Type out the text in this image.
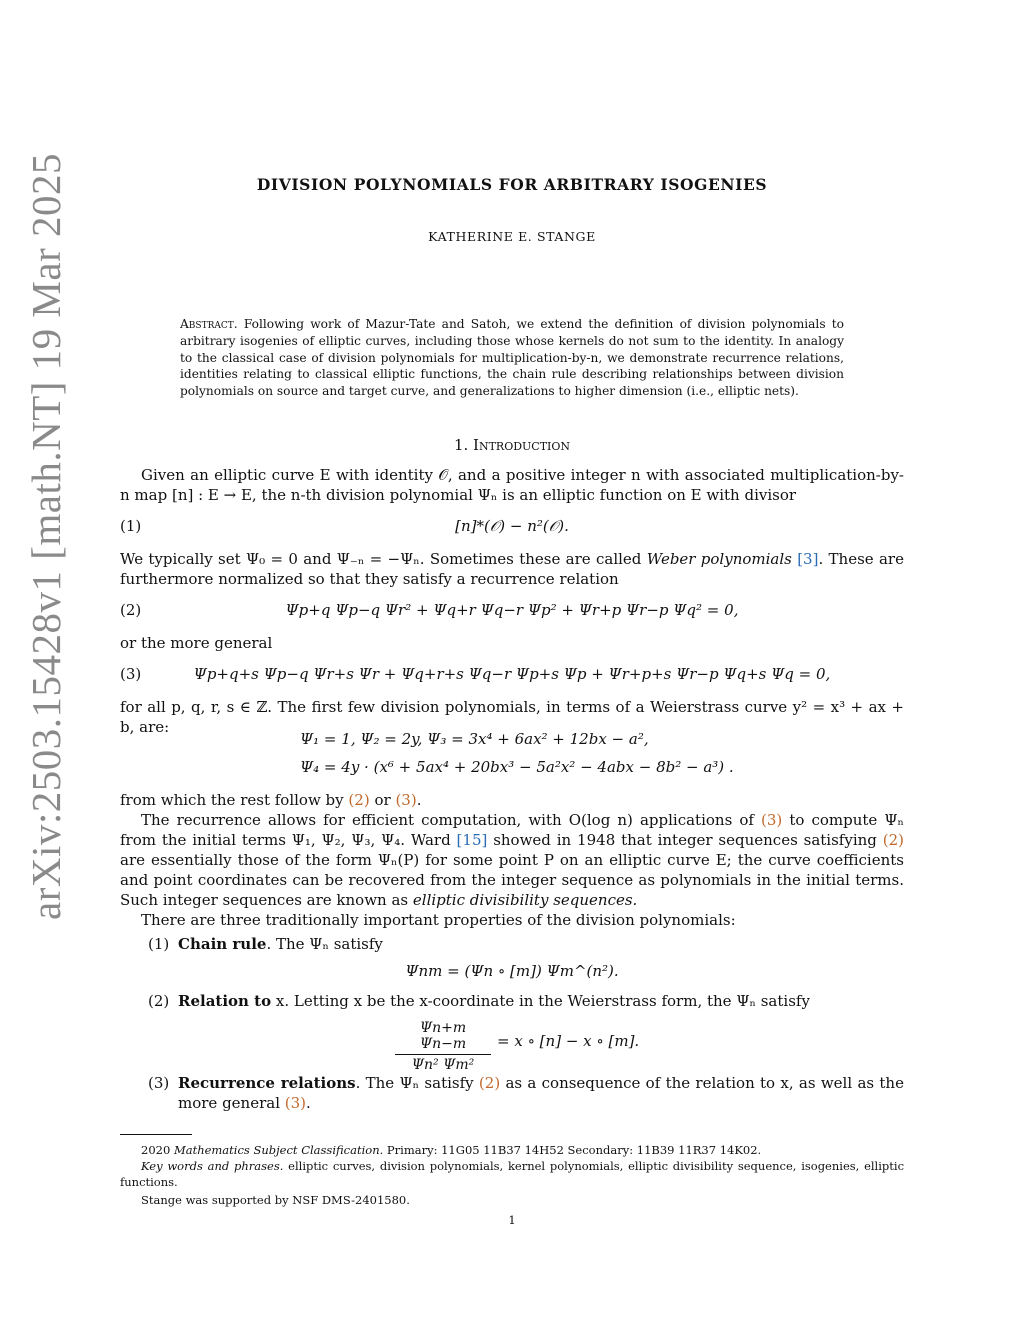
arXiv:2503.15428v1 [math.NT] 19 Mar 2025	DIVISION POLYNOMIALS FOR ARBITRARY ISOGENIES
KATHERINE E. STANGE
Abstract. Following work of Mazur-Tate and Satoh, we extend the definition of division polynomials to arbitrary isogenies of elliptic curves, including those whose kernels do not sum to the identity. In analogy to the classical case of division polynomials for multiplication-by-n, we demonstrate recurrence relations, identities relating to classical elliptic functions, the chain rule describing relationships between division polynomials on source and target curve, and generalizations to higher dimension (i.e., elliptic nets).
1. Introduction
Given an elliptic curve E with identity 𝒪, and a positive integer n with associated multiplication-by-n map [n] : E → E, the n-th division polynomial Ψₙ is an elliptic function on E with divisor
(1)	[n]*(𝒪) − n²(𝒪).
We typically set Ψ₀ = 0 and Ψ₋ₙ = −Ψₙ. Sometimes these are called Weber polynomials [3]. These are furthermore normalized so that they satisfy a recurrence relation
(2)	Ψp+q Ψp−q Ψr² + Ψq+r Ψq−r Ψp² + Ψr+p Ψr−p Ψq² = 0,
or the more general
(3)	Ψp+q+s Ψp−q Ψr+s Ψr + Ψq+r+s Ψq−r Ψp+s Ψp + Ψr+p+s Ψr−p Ψq+s Ψq = 0,
for all p, q, r, s ∈ ℤ. The first few division polynomials, in terms of a Weierstrass curve y² = x³ + ax + b, are:
Ψ₁ = 1, Ψ₂ = 2y, Ψ₃ = 3x⁴ + 6ax² + 12bx − a²,
Ψ₄ = 4y · (x⁶ + 5ax⁴ + 20bx³ − 5a²x² − 4abx − 8b² − a³) .
from which the rest follow by (2) or (3).
The recurrence allows for efficient computation, with O(log n) applications of (3) to compute Ψₙ from the initial terms Ψ₁, Ψ₂, Ψ₃, Ψ₄. Ward [15] showed in 1948 that integer sequences satisfying (2) are essentially those of the form Ψₙ(P) for some point P on an elliptic curve E; the curve coefficients and point coordinates can be recovered from the integer sequence as polynomials in the initial terms. Such integer sequences are known as elliptic divisibility sequences.
There are three traditionally important properties of the division polynomials:
(1) Chain rule. The Ψₙ satisfy
Ψnm = (Ψn ∘ [m]) Ψm^(n²).
(2) Relation to x. Letting x be the x-coordinate in the Weierstrass form, the Ψₙ satisfy
Ψn+m Ψn−m
Ψn² Ψm²
= x ∘ [n] − x ∘ [m].
(3) Recurrence relations. The Ψₙ satisfy (2) as a consequence of the relation to x, as well as the more general (3).
2020 Mathematics Subject Classification. Primary: 11G05 11B37 14H52 Secondary: 11B39 11R37 14K02.
Key words and phrases. elliptic curves, division polynomials, kernel polynomials, elliptic divisibility sequence, isogenies, elliptic functions.
Stange was supported by NSF DMS-2401580.
1
